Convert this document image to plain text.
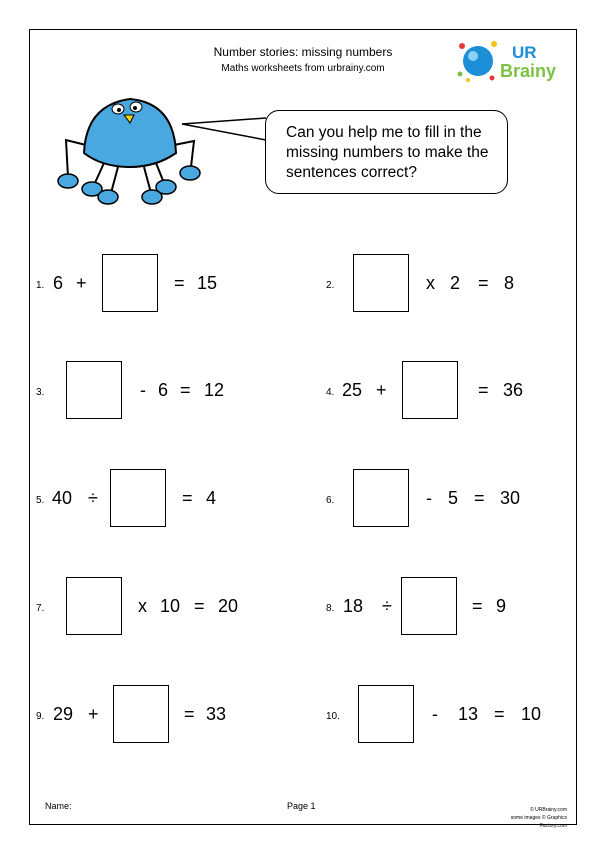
Number stories: missing numbers
Maths worksheets from urbrainy.com
UR
Brainy
Can you help me to fill in the
missing numbers to make the
sentences correct?
1. 6 +	= 15	2.	x 2 = 8
3.	- 6 = 12	4. 25 +	= 36
5. 40 ÷	= 4	6.	- 5 = 30
7.	x 10 = 20	8. 18 ÷	= 9
9. 29 +	= 33	10.	- 13 = 10
Name:	Page 1	© URBrainy.com
some images © Graphics Factory.com
